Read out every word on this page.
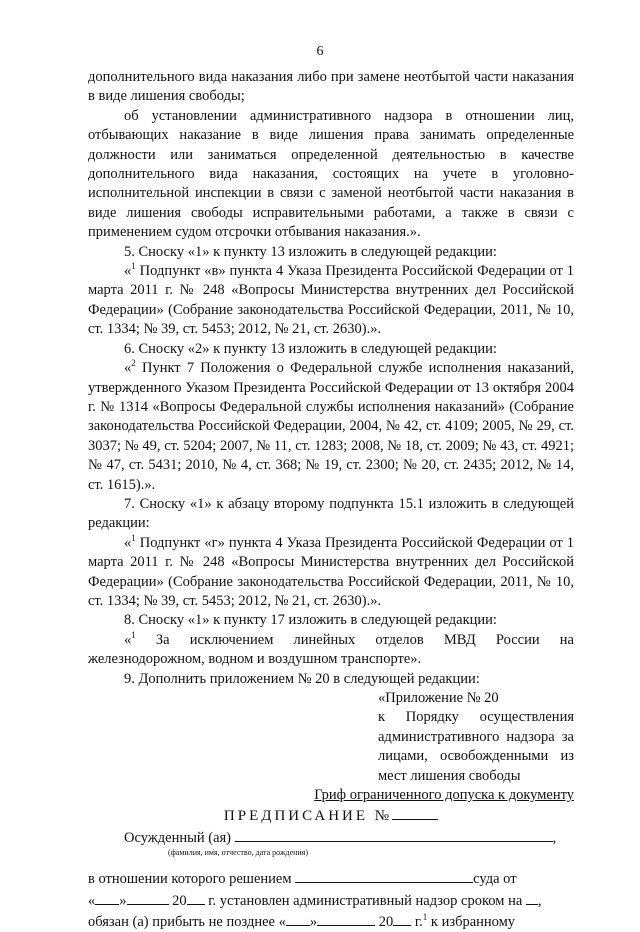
6

дополнительного вида наказания либо при замене неотбытой части наказания в виде лишения свободы;

об установлении административного надзора в отношении лиц, отбывающих наказание в виде лишения права занимать определенные должности или заниматься определенной деятельностью в качестве дополнительного вида наказания, состоящих на учете в уголовно-исполнительной инспекции в связи с заменой неотбытой части наказания в виде лишения свободы исправительными работами, а также в связи с применением судом отсрочки отбывания наказания.».

5. Сноску «1» к пункту 13 изложить в следующей редакции:

«$^1$ Подпункт «в» пункта 4 Указа Президента Российской Федерации от 1 марта 2011 г. № 248 «Вопросы Министерства внутренних дел Российской Федерации» (Собрание законодательства Российской Федерации, 2011, № 10, ст. 1334; № 39, ст. 5453; 2012, № 21, ст. 2630).».

6. Сноску «2» к пункту 13 изложить в следующей редакции:

«$^2$ Пункт 7 Положения о Федеральной службе исполнения наказаний, утвержденного Указом Президента Российской Федерации от 13 октября 2004 г. № 1314 «Вопросы Федеральной службы исполнения наказаний» (Собрание законодательства Российской Федерации, 2004, № 42, ст. 4109; 2005, № 29, ст. 3037; № 49, ст. 5204; 2007, № 11, ст. 1283; 2008, № 18, ст. 2009; № 43, ст. 4921; № 47, ст. 5431; 2010, № 4, ст. 368; № 19, ст. 2300; № 20, ст. 2435; 2012, № 14, ст. 1615).».

7. Сноску «1» к абзацу второму подпункта 15.1 изложить в следующей редакции:

«$^1$ Подпункт «г» пункта 4 Указа Президента Российской Федерации от 1 марта 2011 г. № 248 «Вопросы Министерства внутренних дел Российской Федерации» (Собрание законодательства Российской Федерации, 2011, № 10, ст. 1334; № 39, ст. 5453; 2012, № 21, ст. 2630).».

8. Сноску «1» к пункту 17 изложить в следующей редакции:

«$^1$ За исключением линейных отделов МВД России на железнодорожном, водном и воздушном транспорте».

9. Дополнить приложением № 20 в следующей редакции:

«Приложение № 20

к Порядку осуществления административного надзора за лицами, освобожденными из мест лишения свободы

Гриф ограниченного допуска к документу

ПРЕДПИСАНИЕ №

Осужденный (ая)	,

(фамилия, имя, отчество, дата рождения)

в отношении которого решением	суда от

« »	20 г. установлен административный надзор сроком на ,

обязан (а) прибыть не позднее « »	20 г.$^1$ к избранному
